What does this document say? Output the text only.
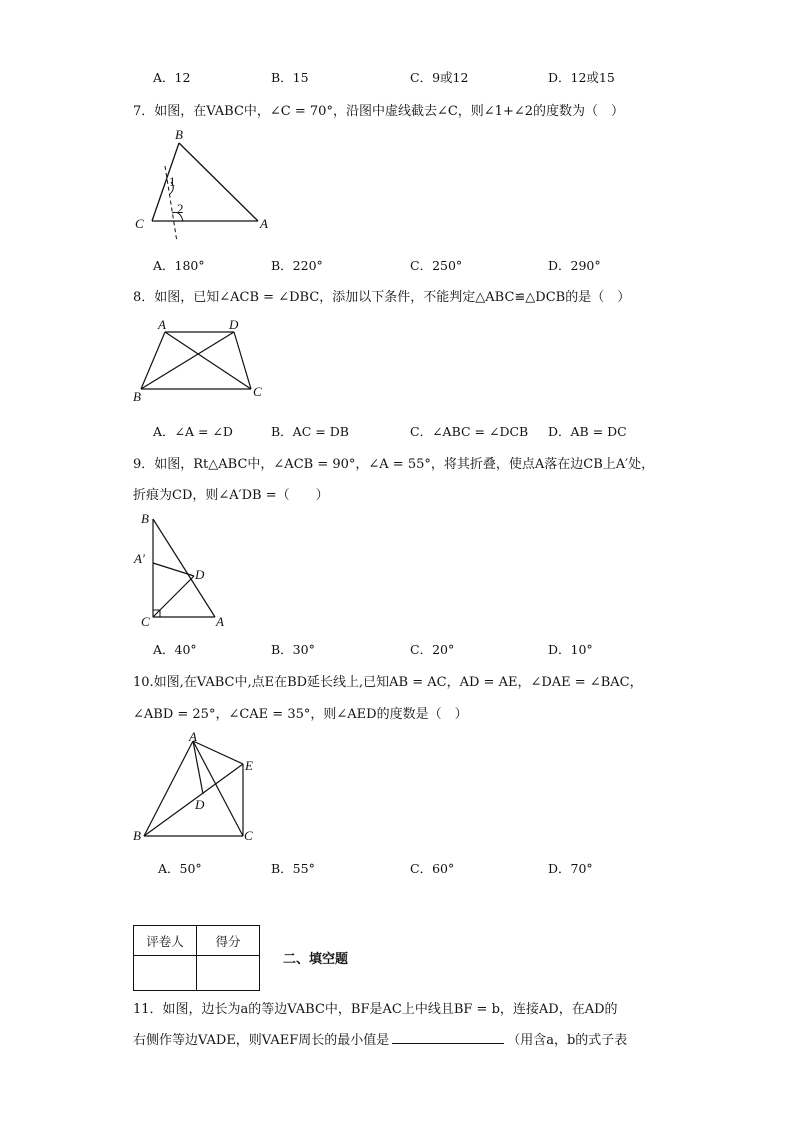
A．12	B．15	C．9或12	D．12或15
7．如图，在VABC中，∠C = 70°，沿图中虚线截去∠C，则∠1+∠2的度数为（　）
B
C	A
1
2
A．180°	B．220°	C．250°	D．290°
8．如图，已知∠ACB = ∠DBC，添加以下条件，不能判定△ABC≌△DCB的是（　）
A	D
B	C
A．∠A = ∠D	B．AC = DB	C．∠ABC = ∠DCB D．AB = DC
9．如图，Rt△ABC中，∠ACB = 90°，∠A = 55°，将其折叠，使点A落在边CB上A′处，
折痕为CD，则∠A′DB =（　　）
B
A′
D
C	A
A．40°	B．30°	C．20°	D．10°
10.如图,在VABC中,点E在BD延长线上,已知AB = AC，AD = AE，∠DAE = ∠BAC，
∠ABD = 25°，∠CAE = 35°，则∠AED的度数是（　）
A
E
D
B	C
A．50°	B．55°	C．60°	D．70°
评卷人	得分

二、填空题
11．如图，边长为a的等边VABC中，BF是AC上中线且BF = b，连接AD，在AD的
右侧作等边VADE，则VAEF周长的最小值是	（用含a，b的式子表
